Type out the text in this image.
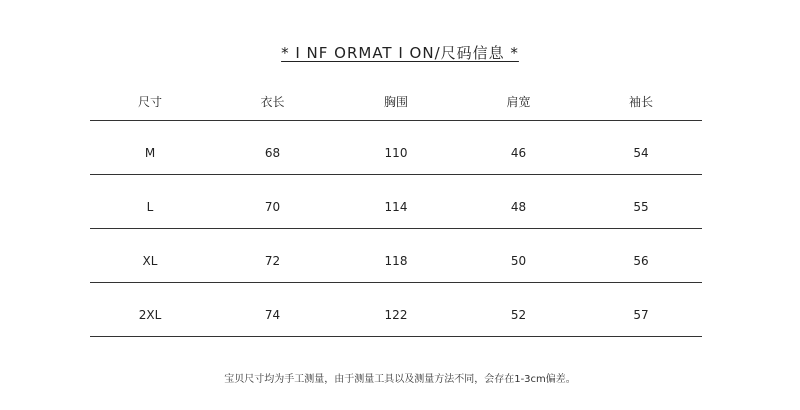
* I NF ORMAT I ON/尺码信息 *
尺寸	衣长	胸围	肩宽	袖长
M	68	110	46	54
L	70	114	48	55
XL	72	118	50	56
2XL	74	122	52	57
宝贝尺寸均为手工测量，由于测量工具以及测量方法不同，会存在1-3cm偏差。
